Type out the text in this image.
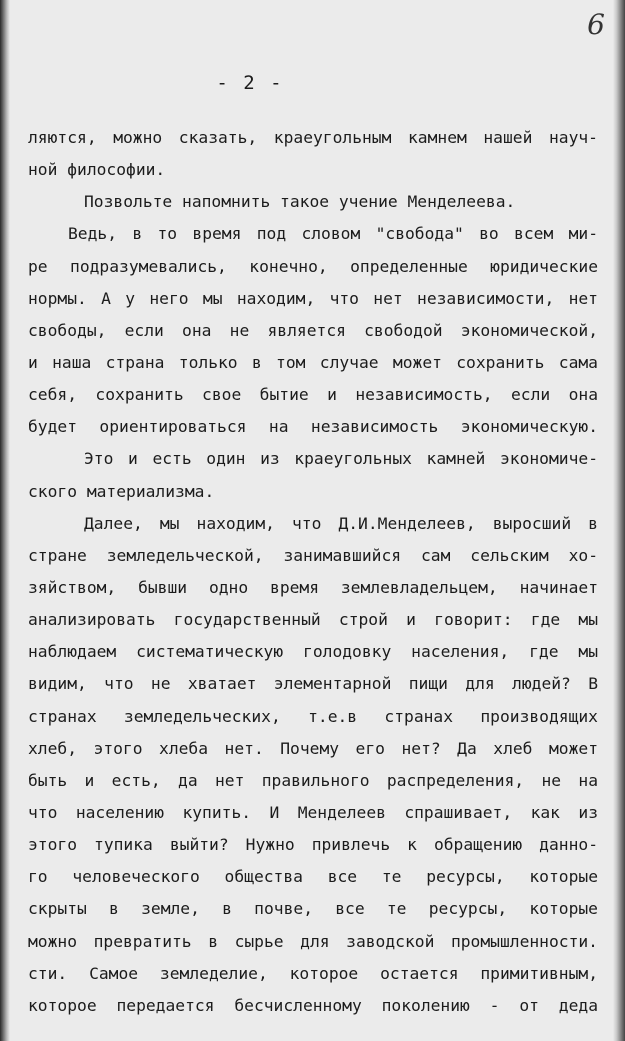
6
- 2 -
ляются, можно сказать, краеугольным камнем нашей науч-
ной философии.
Позвольте напомнить такое учение Менделеева.
Ведь, в то время под словом "свобода" во всем ми-
ре подразумевались, конечно, определенные юридические
нормы. А у него мы находим, что нет независимости, нет
свободы, если она не является свободой экономической,
и наша страна только в том случае может сохранить сама
себя, сохранить свое бытие и независимость, если она
будет ориентироваться на независимость экономическую.
Это и есть один из краеугольных камней экономиче-
ского материализма.
Далее, мы находим, что Д.И.Менделеев, выросший в
стране земледельческой, занимавшийся сам сельским хо-
зяйством, бывши одно время землевладельцем, начинает
анализировать государственный строй и говорит: где мы
наблюдаем систематическую голодовку населения, где мы
видим, что не хватает элементарной пищи для людей? В
странах земледельческих, т.е.в странах производящих
хлеб, этого хлеба нет. Почему его нет? Да хлеб может
быть и есть, да нет правильного распределения, не на
что населению купить. И Менделеев спрашивает, как из
этого тупика выйти? Нужно привлечь к обращению данно-
го человеческого общества все те ресурсы, которые
скрыты в земле, в почве, все те ресурсы, которые
можно превратить в сырье для заводской промышленности.
сти. Самое земледелие, которое остается примитивным,
которое передается бесчисленному поколению - от деда
